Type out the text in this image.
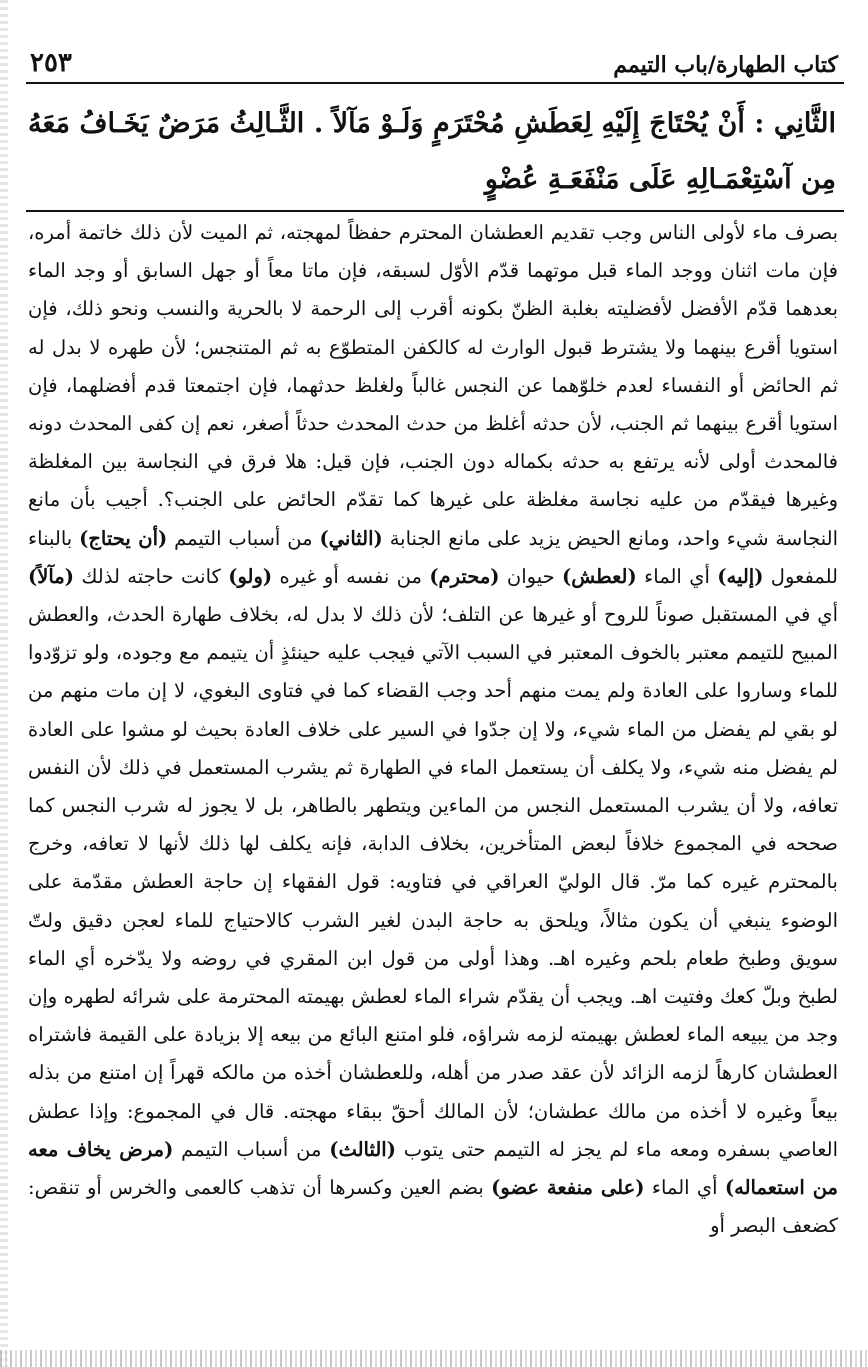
٢٥٣	كتاب الطهارة/باب التيمم
الثَّانِي : أَنْ يُحْتَاجَ إِلَيْهِ لِعَطَشِ مُحْتَرَمٍ وَلَـوْ مَآلاً . الثَّـالِثُ مَرَضٌ يَخَـافُ مَعَهُ مِن آسْتِعْمَـالِهِ عَلَى مَنْفَعَـةِ عُضْوٍ

بصرف ماء لأولى الناس وجب تقديم العطشان المحترم حفظاً لمهجته، ثم الميت لأن ذلك خاتمة أمره، فإن مات اثنان ووجد الماء قبل موتهما قدّم الأوّل لسبقه، فإن ماتا معاً أو جهل السابق أو وجد الماء بعدهما قدّم الأفضل لأفضليته بغلبة الظنّ بكونه أقرب إلى الرحمة لا بالحرية والنسب ونحو ذلك، فإن استويا أقرع بينهما ولا يشترط قبول الوارث له كالكفن المتطوّع به ثم المتنجس؛ لأن طهره لا بدل له ثم الحائض أو النفساء لعدم خلوّهما عن النجس غالباً ولغلظ حدثهما، فإن اجتمعتا قدم أفضلهما، فإن استويا أقرع بينهما ثم الجنب، لأن حدثه أغلظ من حدث المحدث حدثاً أصغر، نعم إن كفى المحدث دونه فالمحدث أولى لأنه يرتفع به حدثه بكماله دون الجنب، فإن قيل: هلا فرق في النجاسة بين المغلظة وغيرها فيقدّم من عليه نجاسة مغلظة على غيرها كما تقدّم الحائض على الجنب؟. أجيب بأن مانع النجاسة شيء واحد، ومانع الحيض يزيد على مانع الجنابة (الثاني) من أسباب التيمم (أن يحتاج) بالبناء للمفعول (إليه) أي الماء (لعطش) حيوان (محترم) من نفسه أو غيره (ولو) كانت حاجته لذلك (مآلاً) أي في المستقبل صوناً للروح أو غيرها عن التلف؛ لأن ذلك لا بدل له، بخلاف طهارة الحدث، والعطش المبيح للتيمم معتبر بالخوف المعتبر في السبب الآتي فيجب عليه حينئذٍ أن يتيمم مع وجوده، ولو تزوّدوا للماء وساروا على العادة ولم يمت منهم أحد وجب القضاء كما في فتاوى البغوي، لا إن مات منهم من لو بقي لم يفضل من الماء شيء، ولا إن جدّوا في السير على خلاف العادة بحيث لو مشوا على العادة لم يفضل منه شيء، ولا يكلف أن يستعمل الماء في الطهارة ثم يشرب المستعمل في ذلك لأن النفس تعافه، ولا أن يشرب المستعمل النجس من الماءين ويتطهر بالطاهر، بل لا يجوز له شرب النجس كما صححه في المجموع خلافاً لبعض المتأخرين، بخلاف الدابة، فإنه يكلف لها ذلك لأنها لا تعافه، وخرج بالمحترم غيره كما مرّ. قال الوليّ العراقي في فتاويه: قول الفقهاء إن حاجة العطش مقدّمة على الوضوء ينبغي أن يكون مثالاً، ويلحق به حاجة البدن لغير الشرب كالاحتياج للماء لعجن دقيق ولتّ سويق وطبخ طعام بلحم وغيره اهـ. وهذا أولى من قول ابن المقري في روضه ولا يدّخره أي الماء لطبخ وبلّ كعك وفتيت اهـ. ويجب أن يقدّم شراء الماء لعطش بهيمته المحترمة على شرائه لطهره وإن وجد من يبيعه الماء لعطش بهيمته لزمه شراؤه، فلو امتنع البائع من بيعه إلا بزيادة على القيمة فاشتراه العطشان كارهاً لزمه الزائد لأن عقد صدر من أهله، وللعطشان أخذه من مالكه قهراً إن امتنع من بذله بيعاً وغيره لا أخذه من مالك عطشان؛ لأن المالك أحقّ ببقاء مهجته. قال في المجموع: وإذا عطش العاصي بسفره ومعه ماء لم يجز له التيمم حتى يتوب (الثالث) من أسباب التيمم (مرض يخاف معه من استعماله) أي الماء (على منفعة عضو) بضم العين وكسرها أن تذهب كالعمى والخرس أو تنقص: كضعف البصر أو
